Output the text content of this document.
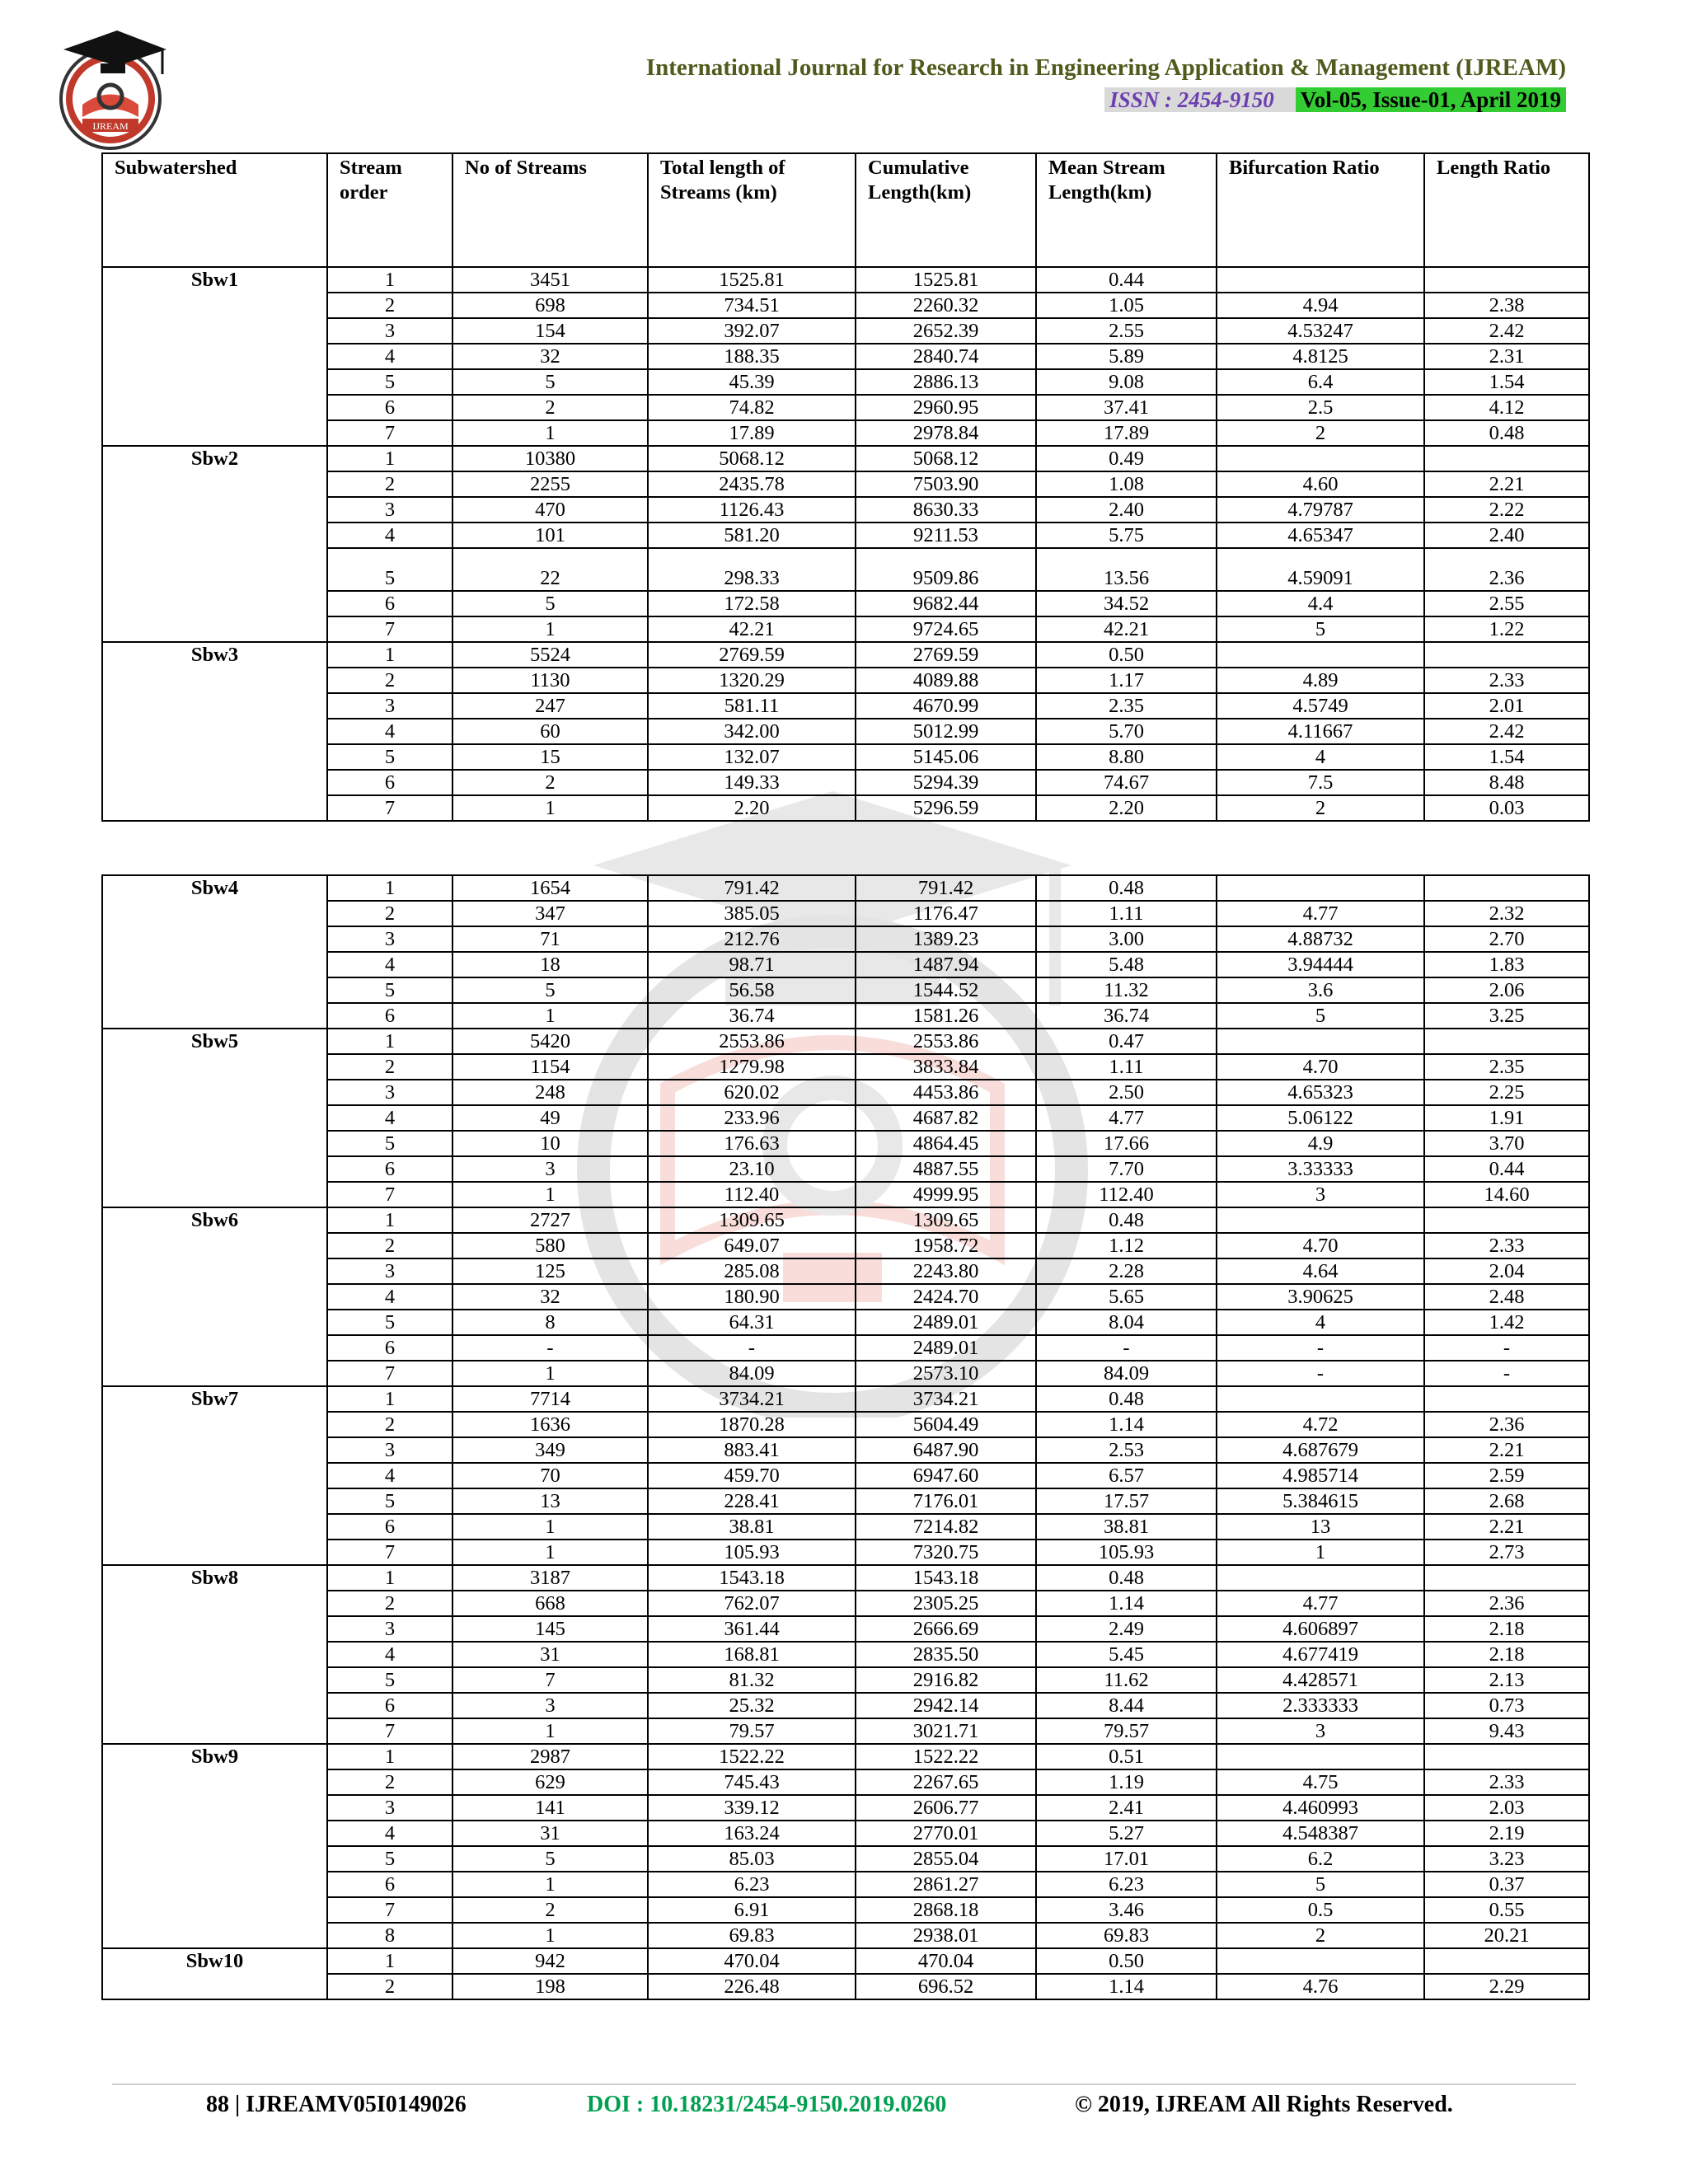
IJREAM
International Journal for Research in Engineering Application & Management (IJREAM)
ISSN : 2454-9150 Vol-05, Issue-01, April 2019
Subwatershed	Stream order	No of Streams	Total length of Streams (km)	Cumulative Length(km)	Mean Stream Length(km)	Bifurcation Ratio	Length Ratio
Sbw1	1	3451	1525.81	1525.81	0.44		
	2	698	734.51	2260.32	1.05	4.94	2.38
	3	154	392.07	2652.39	2.55	4.53247	2.42
	4	32	188.35	2840.74	5.89	4.8125	2.31
	5	5	45.39	2886.13	9.08	6.4	1.54
	6	2	74.82	2960.95	37.41	2.5	4.12
	7	1	17.89	2978.84	17.89	2	0.48
Sbw2	1	10380	5068.12	5068.12	0.49		
	2	2255	2435.78	7503.90	1.08	4.60	2.21
	3	470	1126.43	8630.33	2.40	4.79787	2.22
	4	101	581.20	9211.53	5.75	4.65347	2.40
	5	22	298.33	9509.86	13.56	4.59091	2.36
	6	5	172.58	9682.44	34.52	4.4	2.55
	7	1	42.21	9724.65	42.21	5	1.22
Sbw3	1	5524	2769.59	2769.59	0.50		
	2	1130	1320.29	4089.88	1.17	4.89	2.33
	3	247	581.11	4670.99	2.35	4.5749	2.01
	4	60	342.00	5012.99	5.70	4.11667	2.42
	5	15	132.07	5145.06	8.80	4	1.54
	6	2	149.33	5294.39	74.67	7.5	8.48
	7	1	2.20	5296.59	2.20	2	0.03
Sbw4	1	1654	791.42	791.42	0.48		
	2	347	385.05	1176.47	1.11	4.77	2.32
	3	71	212.76	1389.23	3.00	4.88732	2.70
	4	18	98.71	1487.94	5.48	3.94444	1.83
	5	5	56.58	1544.52	11.32	3.6	2.06
	6	1	36.74	1581.26	36.74	5	3.25
Sbw5	1	5420	2553.86	2553.86	0.47		
	2	1154	1279.98	3833.84	1.11	4.70	2.35
	3	248	620.02	4453.86	2.50	4.65323	2.25
	4	49	233.96	4687.82	4.77	5.06122	1.91
	5	10	176.63	4864.45	17.66	4.9	3.70
	6	3	23.10	4887.55	7.70	3.33333	0.44
	7	1	112.40	4999.95	112.40	3	14.60
Sbw6	1	2727	1309.65	1309.65	0.48		
	2	580	649.07	1958.72	1.12	4.70	2.33
	3	125	285.08	2243.80	2.28	4.64	2.04
	4	32	180.90	2424.70	5.65	3.90625	2.48
	5	8	64.31	2489.01	8.04	4	1.42
	6	-	-	2489.01	-	-	-
	7	1	84.09	2573.10	84.09	-	-
Sbw7	1	7714	3734.21	3734.21	0.48		
	2	1636	1870.28	5604.49	1.14	4.72	2.36
	3	349	883.41	6487.90	2.53	4.687679	2.21
	4	70	459.70	6947.60	6.57	4.985714	2.59
	5	13	228.41	7176.01	17.57	5.384615	2.68
	6	1	38.81	7214.82	38.81	13	2.21
	7	1	105.93	7320.75	105.93	1	2.73
Sbw8	1	3187	1543.18	1543.18	0.48		
	2	668	762.07	2305.25	1.14	4.77	2.36
	3	145	361.44	2666.69	2.49	4.606897	2.18
	4	31	168.81	2835.50	5.45	4.677419	2.18
	5	7	81.32	2916.82	11.62	4.428571	2.13
	6	3	25.32	2942.14	8.44	2.333333	0.73
	7	1	79.57	3021.71	79.57	3	9.43
Sbw9	1	2987	1522.22	1522.22	0.51		
	2	629	745.43	2267.65	1.19	4.75	2.33
	3	141	339.12	2606.77	2.41	4.460993	2.03
	4	31	163.24	2770.01	5.27	4.548387	2.19
	5	5	85.03	2855.04	17.01	6.2	3.23
	6	1	6.23	2861.27	6.23	5	0.37
	7	2	6.91	2868.18	3.46	0.5	0.55
	8	1	69.83	2938.01	69.83	2	20.21
Sbw10	1	942	470.04	470.04	0.50		
	2	198	226.48	696.52	1.14	4.76	2.29
88 | IJREAMV05I0149026	DOI : 10.18231/2454-9150.2019.0260	© 2019, IJREAM All Rights Reserved.
